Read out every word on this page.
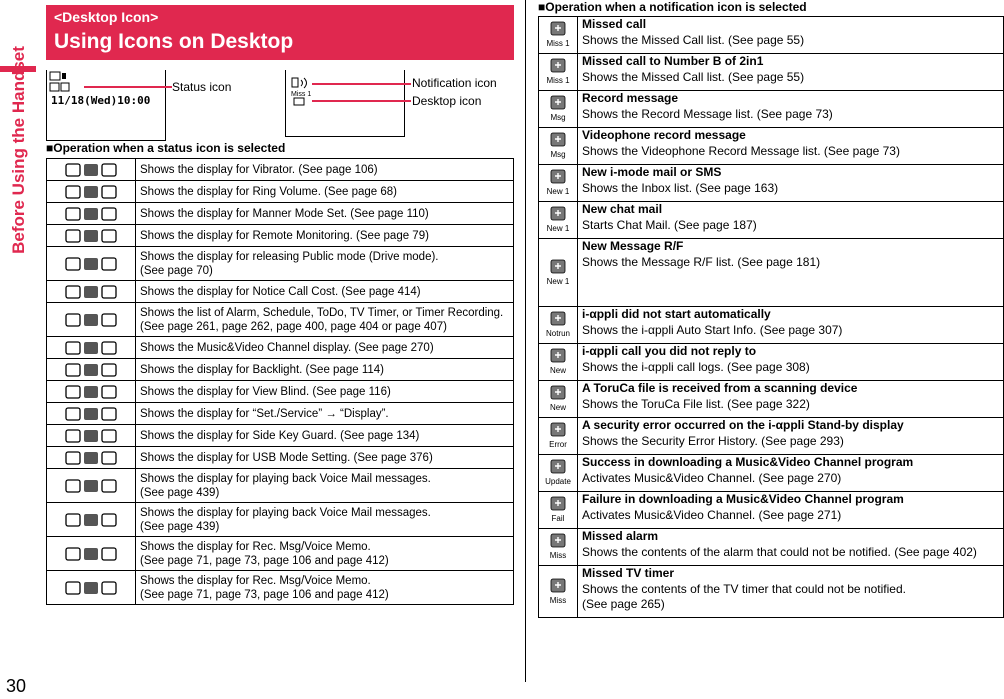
Before Using the Handset
30
<Desktop Icon>
Using Icons on Desktop
11/18(Wed)10:00	Miss 1
Status icon	Notification icon
Desktop icon
■Operation when a status icon is selected
	Shows the display for Vibrator. (See page 106)
	Shows the display for Ring Volume. (See page 68)
	Shows the display for Manner Mode Set. (See page 110)
	Shows the display for Remote Monitoring. (See page 79)
	Shows the display for releasing Public mode (Drive mode).
(See page 70)
	Shows the display for Notice Call Cost. (See page 414)
	Shows the list of Alarm, Schedule, ToDo, TV Timer, or Timer Recording.
(See page 261, page 262, page 400, page 404 or page 407)
	Shows the Music&Video Channel display. (See page 270)
	Shows the display for Backlight. (See page 114)
	Shows the display for View Blind. (See page 116)
	Shows the display for “Set./Service” → “Display”.
	Shows the display for Side Key Guard. (See page 134)
	Shows the display for USB Mode Setting. (See page 376)
	Shows the display for playing back Voice Mail messages.
(See page 439)
	Shows the display for playing back Voice Mail messages.
(See page 439)
	Shows the display for Rec. Msg/Voice Memo.
(See page 71, page 73, page 106 and page 412)
	Shows the display for Rec. Msg/Voice Memo.
(See page 71, page 73, page 106 and page 412)
■Operation when a notification icon is selected
Miss 1	Missed call
Shows the Missed Call list. (See page 55)

Miss 1	Missed call to Number B of 2in1
Shows the Missed Call list. (See page 55)

Msg	Record message
Shows the Record Message list. (See page 73)

Msg	Videophone record message
Shows the Videophone Record Message list. (See page 73)

New 1	New i-mode mail or SMS
Shows the Inbox list. (See page 163)

New 1	New chat mail
Starts Chat Mail. (See page 187)

New 1	New Message R/F
Shows the Message R/F list. (See page 181)

Notrun	i-αppli did not start automatically
Shows the i-αppli Auto Start Info. (See page 307)

New	i-αppli call you did not reply to
Shows the i-αppli call logs. (See page 308)

New	A ToruCa file is received from a scanning device
Shows the ToruCa File list. (See page 322)

Error	A security error occurred on the i-αppli Stand-by display
Shows the Security Error History. (See page 293)

Update	Success in downloading a Music&Video Channel program
Activates Music&Video Channel. (See page 270)

Fail	Failure in downloading a Music&Video Channel program
Activates Music&Video Channel. (See page 271)

Miss	Missed alarm
Shows the contents of the alarm that could not be notified. (See page 402)

Miss	Missed TV timer
Shows the contents of the TV timer that could not be notified.
(See page 265)
